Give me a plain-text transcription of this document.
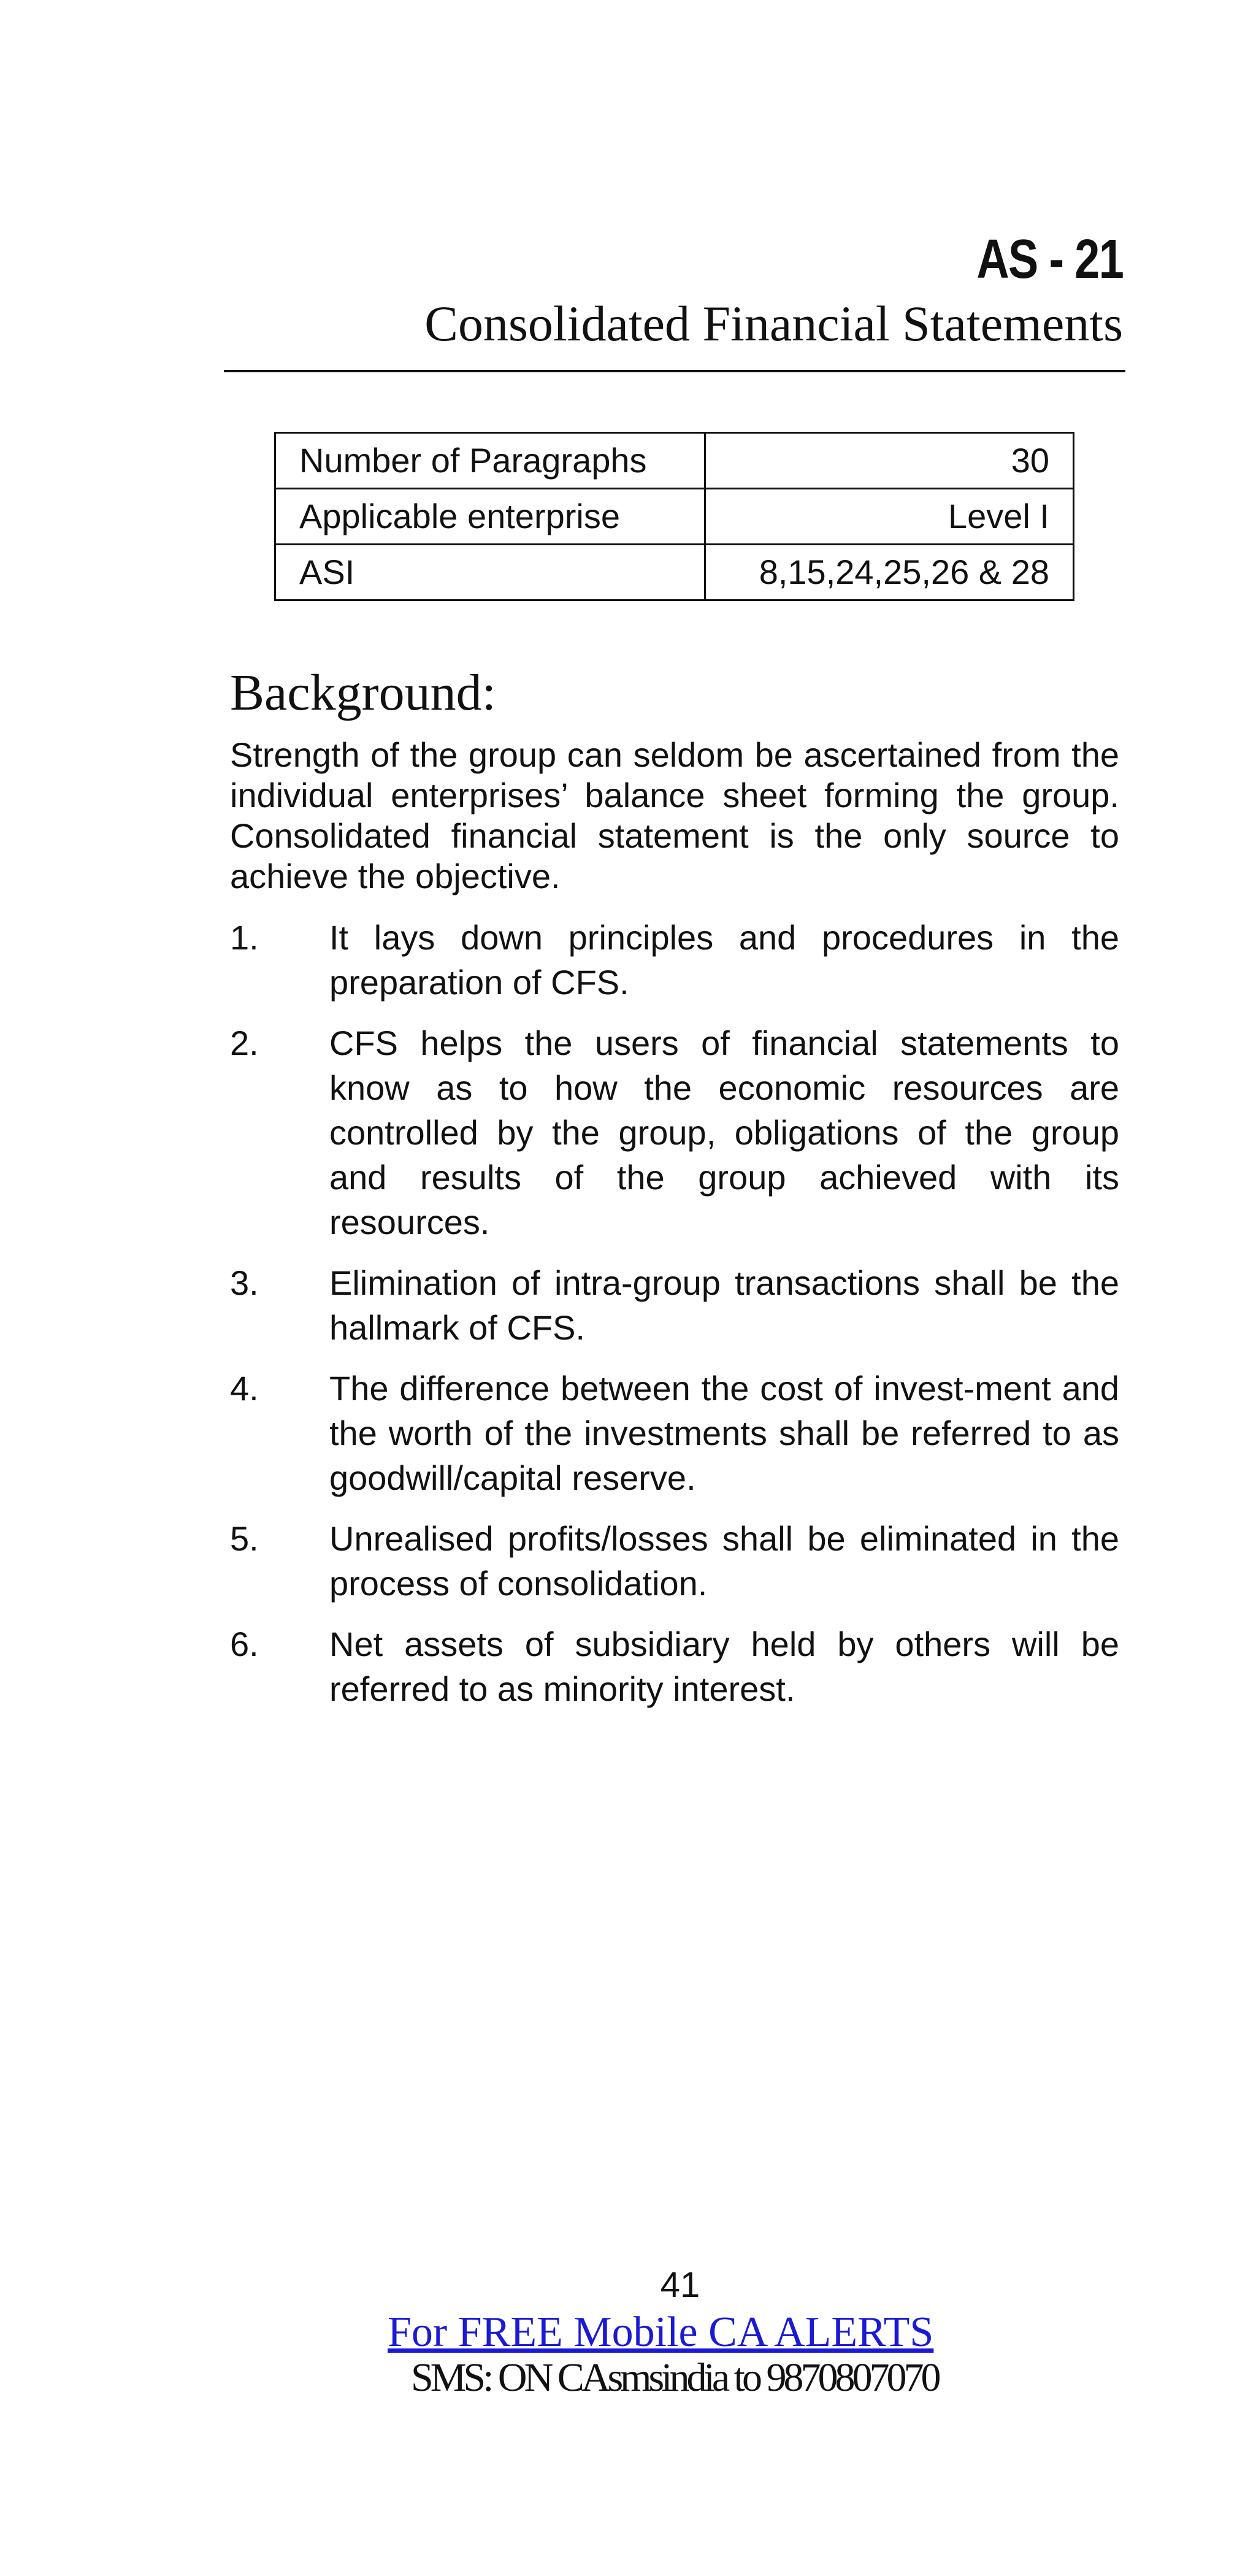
AS - 21
Consolidated Financial Statements
Number of Paragraphs	30
Applicable enterprise	Level I
ASI	8,15,24,25,26 & 28
Background:

Strength of the group can seldom be ascertained from the individual enterprises’ balance sheet forming the group. Consolidated financial statement is the only source to achieve the objective.

1. It lays down principles and procedures in the preparation of CFS.
2. CFS helps the users of financial statements to know as to how the economic resources are controlled by the group, obligations of the group and results of the group achieved with its resources.
3. Elimination of intra-group transactions shall be the hallmark of CFS.
4. The difference between the cost of invest-ment and the worth of the investments shall be referred to as goodwill/capital reserve.
5. Unrealised profits/losses shall be eliminated in the process of consolidation.
6. Net assets of subsidiary held by others will be referred to as minority interest.

41

For FREE Mobile CA ALERTS

SMS: ON CAsmsindia to 9870807070
